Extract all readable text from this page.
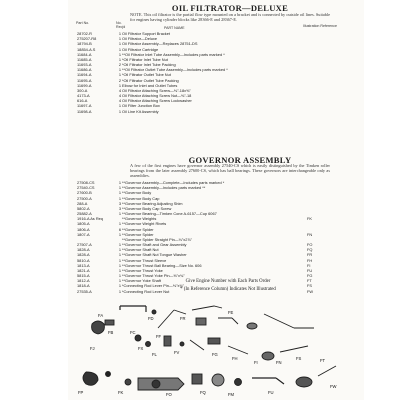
OIL FILTRATOR—DELUXE
NOTE. This oil filtrator is the partial flow type mounted on a bracket and is connected by outside oil lines. Suitable for engines having cylinder blocks like 28366-E and 28367-E.
Part No.	No. Req'd	PART NAME	Illustration Reference
28702-R	1 Oil Filtrator Support Bracket
275207-R8	1 Oil Filtrator—Deluxe
18794-B	1 Oil Filtrator Assembly—Replaces 28751-DS
18854-A.S	1 Oil Filtrator Cartridge
11684-A	1 **Oil Filtrator Inlet Tube Assembly—Includes parts marked *
11685-A	1 *Oil Filtrator Inlet Tube Nut
11693-A	2 *Oil Filtrator Inlet Tube Packing
11686-A	1 **Oil Filtrator Outlet Tube Assembly—Includes parts marked *
11694-A	1 *Oil Filtrator Outlet Tube Nut
11695-A	2 *Oil Filtrator Outlet Tube Packing
11699-A	1 Elbow for Inlet and Outlet Tubes
300-A	4 Oil Filtrator Attaching Screw—⅜"-18x⅝"
4173-A	4 Oil Filtrator Attaching Screw Nut—⅜"-18
616-A	4 Oil Filtrator Attaching Screw Lockwasher
11697-A	1 Oil Filter Junction Box
11698-A	1 Oil Line Kit Assembly
GOVERNOR ASSEMBLY
A few of the first engines have governor assembly 27540-CS which is easily distinguished by the Timken roller bearings from the later assembly 27600-CS, which has ball bearings. These governors are interchangeable only as assemblies.
27508-CS	1 **Governor Assembly—Complete—Includes parts marked *
27540-CS	1 **Governor Assembly—Includes parts marked **
27600-B	1 **Governor Body
27500-A	1 **Governor Body Cap
288-A	3 **Governor Bearing Adjusting Shim
5802-A	3 **Governor Body Cap Screw
25882-A	1 **Governor Bearing—Timken Cone A-6157—Cup 6067
1916-A As Req	**Governor Weights	FK
1805-A	1 **Governor Weight Rivets
1806-A	6 **Governor Spider
1807-A	1 **Governor Spider	FN
**Governor Spider Straight Pin—⅛"x2⅞"
27507-A	1 **Governor Shaft and Gear Assembly	FO
1828-A	1 **Governor Shaft Nut	FQ
1828-A	1 **Governor Shaft Nut Tongue Washer	FR
5810-A	1 **Governor Thrust Sleeve	FH
1813-A	1 **Governor Thrust Ball Bearing—Size No. 606	FI
1821-A	1 **Governor Thrust Yoke	FU
5815-A	1 **Governor Thrust Yoke Pin—⅜"x¾"	FG
1812-A	1 **Governor Yoke Shaft	FT
1818-A	1 *Connecting Rod Lever Pin—⅜"x¾"	FS
27535-A	1 *Connecting Rod Lever Nut	FW
Give Engine Number with Each Parts Order
* (In Reference Column) Indicates Not Illustrated
FA
FD	FR
FE
FB	FC
FF
FJ	FX
FV
FL	FG
FH
FI	FN
FS	FT
FP	FK	FO	FQ	FM	FU
FW
